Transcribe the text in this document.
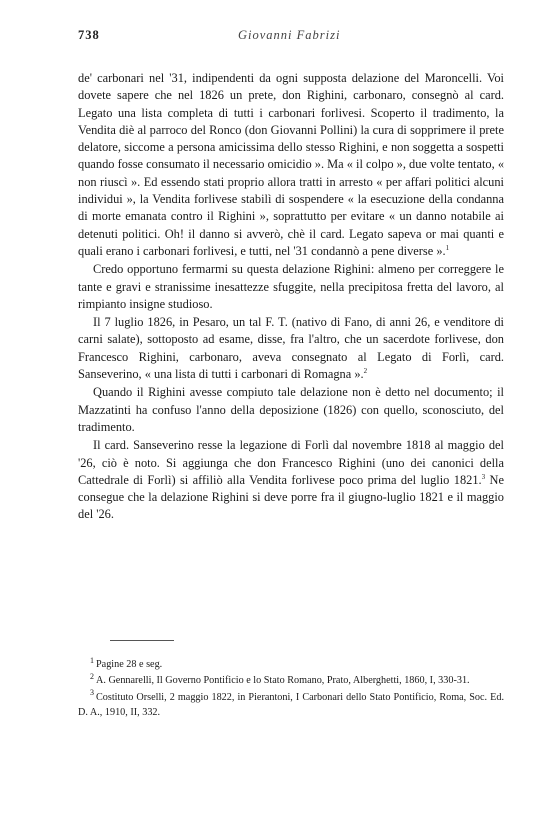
738	Giovanni Fabrizi

de' carbonari nel '31, indipendenti da ogni supposta delazione del Maroncelli. Voi dovete sapere che nel 1826 un prete, don Righini, carbonaro, consegnò al card. Legato una lista completa di tutti i carbonari forlivesi. Scoperto il tradimento, la Vendita diè al parroco del Ronco (don Giovanni Pollini) la cura di sopprimere il prete delatore, siccome a persona amicissima dello stesso Righini, e non soggetta a sospetti quando fosse consumato il necessario omicidio ». Ma « il colpo », due volte tentato, « non riuscì ». Ed essendo stati proprio allora tratti in arresto « per affari politici alcuni individui », la Vendita forlivese stabilì di sospendere « la esecuzione della condanna di morte emanata contro il Righini », soprattutto per evitare « un danno notabile ai detenuti politici. Oh! il danno si avverò, chè il card. Legato sapeva or mai quanti e quali erano i carbonari forlivesi, e tutti, nel '31 condannò a pene diverse ».$^1$

Credo opportuno fermarmi su questa delazione Righini: almeno per correggere le tante e gravi e stranissime inesattezze sfuggite, nella precipitosa fretta del lavoro, al rimpianto insigne studioso.

Il 7 luglio 1826, in Pesaro, un tal F. T. (nativo di Fano, di anni 26, e venditore di carni salate), sottoposto ad esame, disse, fra l'altro, che un sacerdote forlivese, don Francesco Righini, carbonaro, aveva consegnato al Legato di Forlì, card. Sanseverino, « una lista di tutti i carbonari di Romagna ».$^2$

Quando il Righini avesse compiuto tale delazione non è detto nel documento; il Mazzatinti ha confuso l'anno della deposizione (1826) con quello, sconosciuto, del tradimento.

Il card. Sanseverino resse la legazione di Forlì dal novembre 1818 al maggio del '26, ciò è noto. Si aggiunga che don Francesco Righini (uno dei canonici della Cattedrale di Forlì) si affiliò alla Vendita forlivese poco prima del luglio 1821.$^3$ Ne consegue che la delazione Righini si deve porre fra il giugno-luglio 1821 e il maggio del '26.

$^1$ Pagine 28 e seg.

$^2$ A. Gennarelli, Il Governo Pontificio e lo Stato Romano, Prato, Alberghetti, 1860, I, 330-31.

$^3$ Costituto Orselli, 2 maggio 1822, in Pierantoni, I Carbonari dello Stato Pontificio, Roma, Soc. Ed. D. A., 1910, II, 332.
